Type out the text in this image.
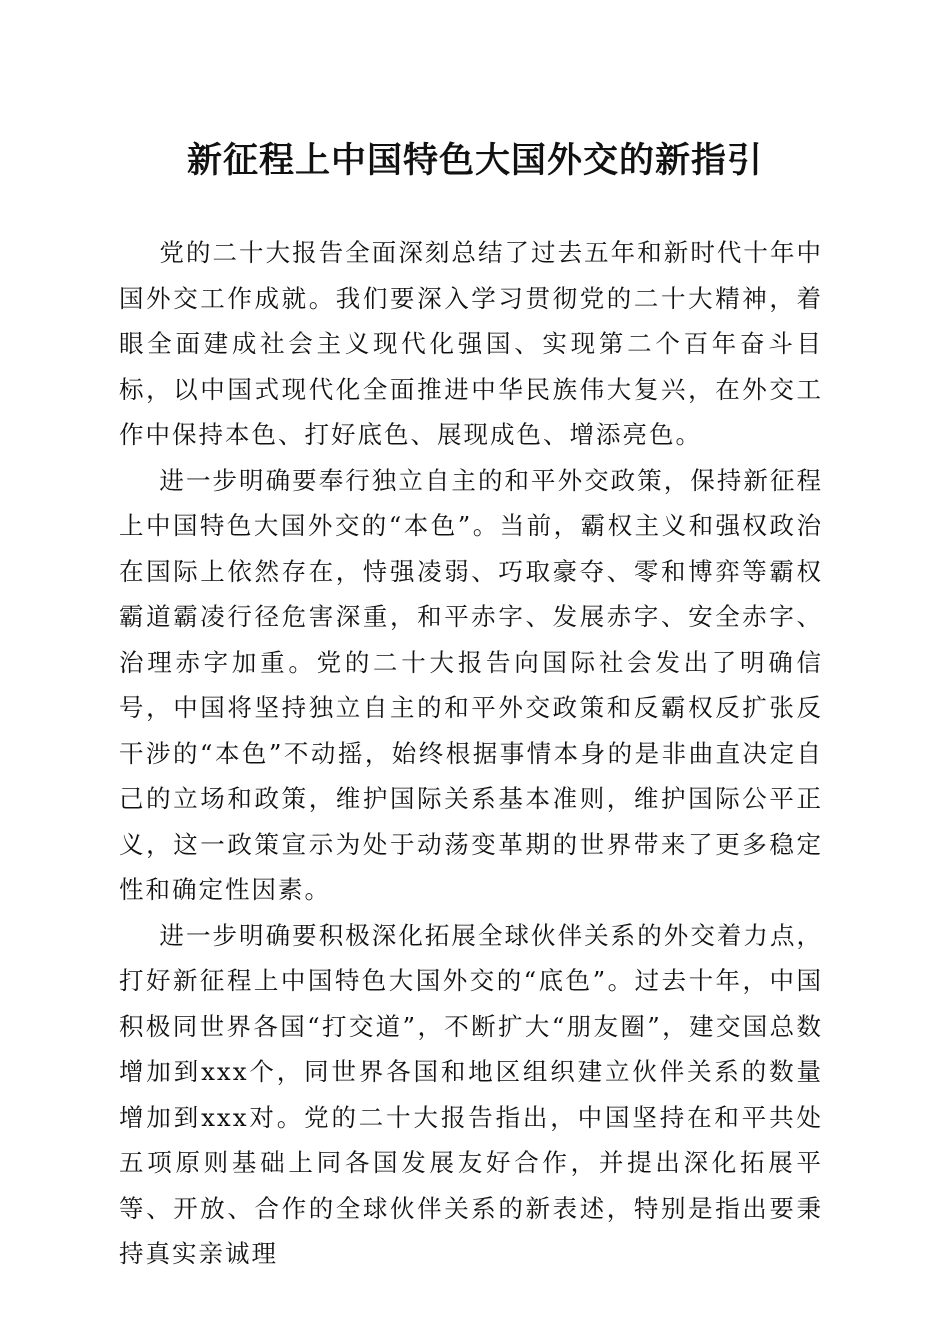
新征程上中国特色大国外交的新指引

党的二十大报告全面深刻总结了过去五年和新时代十年中国外交工作成就。我们要深入学习贯彻党的二十大精神，着眼全面建成社会主义现代化强国、实现第二个百年奋斗目标，以中国式现代化全面推进中华民族伟大复兴，在外交工作中保持本色、打好底色、展现成色、增添亮色。

进一步明确要奉行独立自主的和平外交政策，保持新征程上中国特色大国外交的“本色”。当前，霸权主义和强权政治在国际上依然存在，恃强凌弱、巧取豪夺、零和博弈等霸权霸道霸凌行径危害深重，和平赤字、发展赤字、安全赤字、治理赤字加重。党的二十大报告向国际社会发出了明确信号，中国将坚持独立自主的和平外交政策和反霸权反扩张反干涉的“本色”不动摇，始终根据事情本身的是非曲直决定自己的立场和政策，维护国际关系基本准则，维护国际公平正义，这一政策宣示为处于动荡变革期的世界带来了更多稳定性和确定性因素。

进一步明确要积极深化拓展全球伙伴关系的外交着力点，打好新征程上中国特色大国外交的“底色”。过去十年，中国积极同世界各国“打交道”，不断扩大“朋友圈”，建交国总数增加到xxx个，同世界各国和地区组织建立伙伴关系的数量增加到xxx对。党的二十大报告指出，中国坚持在和平共处五项原则基础上同各国发展友好合作，并提出深化拓展平等、开放、合作的全球伙伴关系的新表述，特别是指出要秉持真实亲诚理
